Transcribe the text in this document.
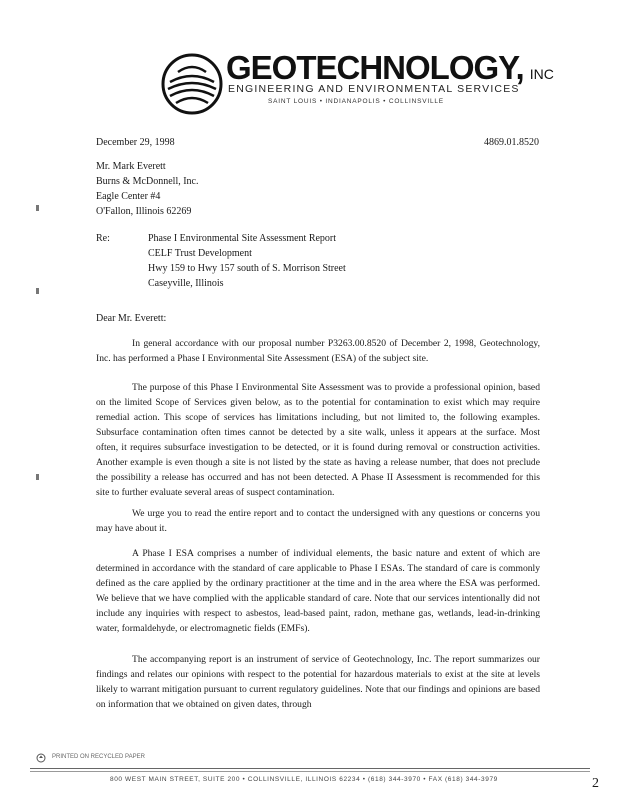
GEOTECHNOLOGY, INC
ENGINEERING AND ENVIRONMENTAL SERVICES
SAINT LOUIS • INDIANAPOLIS • COLLINSVILLE
December 29, 1998	4869.01.8520
Mr. Mark Everett
Burns & McDonnell, Inc.
Eagle Center #4
O'Fallon, Illinois 62269
Re:	Phase I Environmental Site Assessment Report
CELF Trust Development
Hwy 159 to Hwy 157 south of S. Morrison Street
Caseyville, Illinois
Dear Mr. Everett:
In general accordance with our proposal number P3263.00.8520 of December 2, 1998, Geotechnology, Inc. has performed a Phase I Environmental Site Assessment (ESA) of the subject site.
The purpose of this Phase I Environmental Site Assessment was to provide a professional opinion, based on the limited Scope of Services given below, as to the potential for contamination to exist which may require remedial action. This scope of services has limitations including, but not limited to, the following examples. Subsurface contamination often times cannot be detected by a site walk, unless it appears at the surface. Most often, it requires subsurface investigation to be detected, or it is found during removal or construction activities. Another example is even though a site is not listed by the state as having a release number, that does not preclude the possibility a release has occurred and has not been detected. A Phase II Assessment is recommended for this site to further evaluate several areas of suspect contamination.
We urge you to read the entire report and to contact the undersigned with any questions or concerns you may have about it.
A Phase I ESA comprises a number of individual elements, the basic nature and extent of which are determined in accordance with the standard of care applicable to Phase I ESAs. The standard of care is commonly defined as the care applied by the ordinary practitioner at the time and in the area where the ESA was performed. We believe that we have complied with the applicable standard of care. Note that our services intentionally did not include any inquiries with respect to asbestos, lead-based paint, radon, methane gas, wetlands, lead-in-drinking water, formaldehyde, or electromagnetic fields (EMFs).
The accompanying report is an instrument of service of Geotechnology, Inc. The report summarizes our findings and relates our opinions with respect to the potential for hazardous materials to exist at the site at levels likely to warrant mitigation pursuant to current regulatory guidelines. Note that our findings and opinions are based on information that we obtained on given dates, through
PRINTED ON RECYCLED PAPER
800 WEST MAIN STREET, SUITE 200 • COLLINSVILLE, ILLINOIS 62234 • (618) 344-3970 • FAX (618) 344-3979	2
